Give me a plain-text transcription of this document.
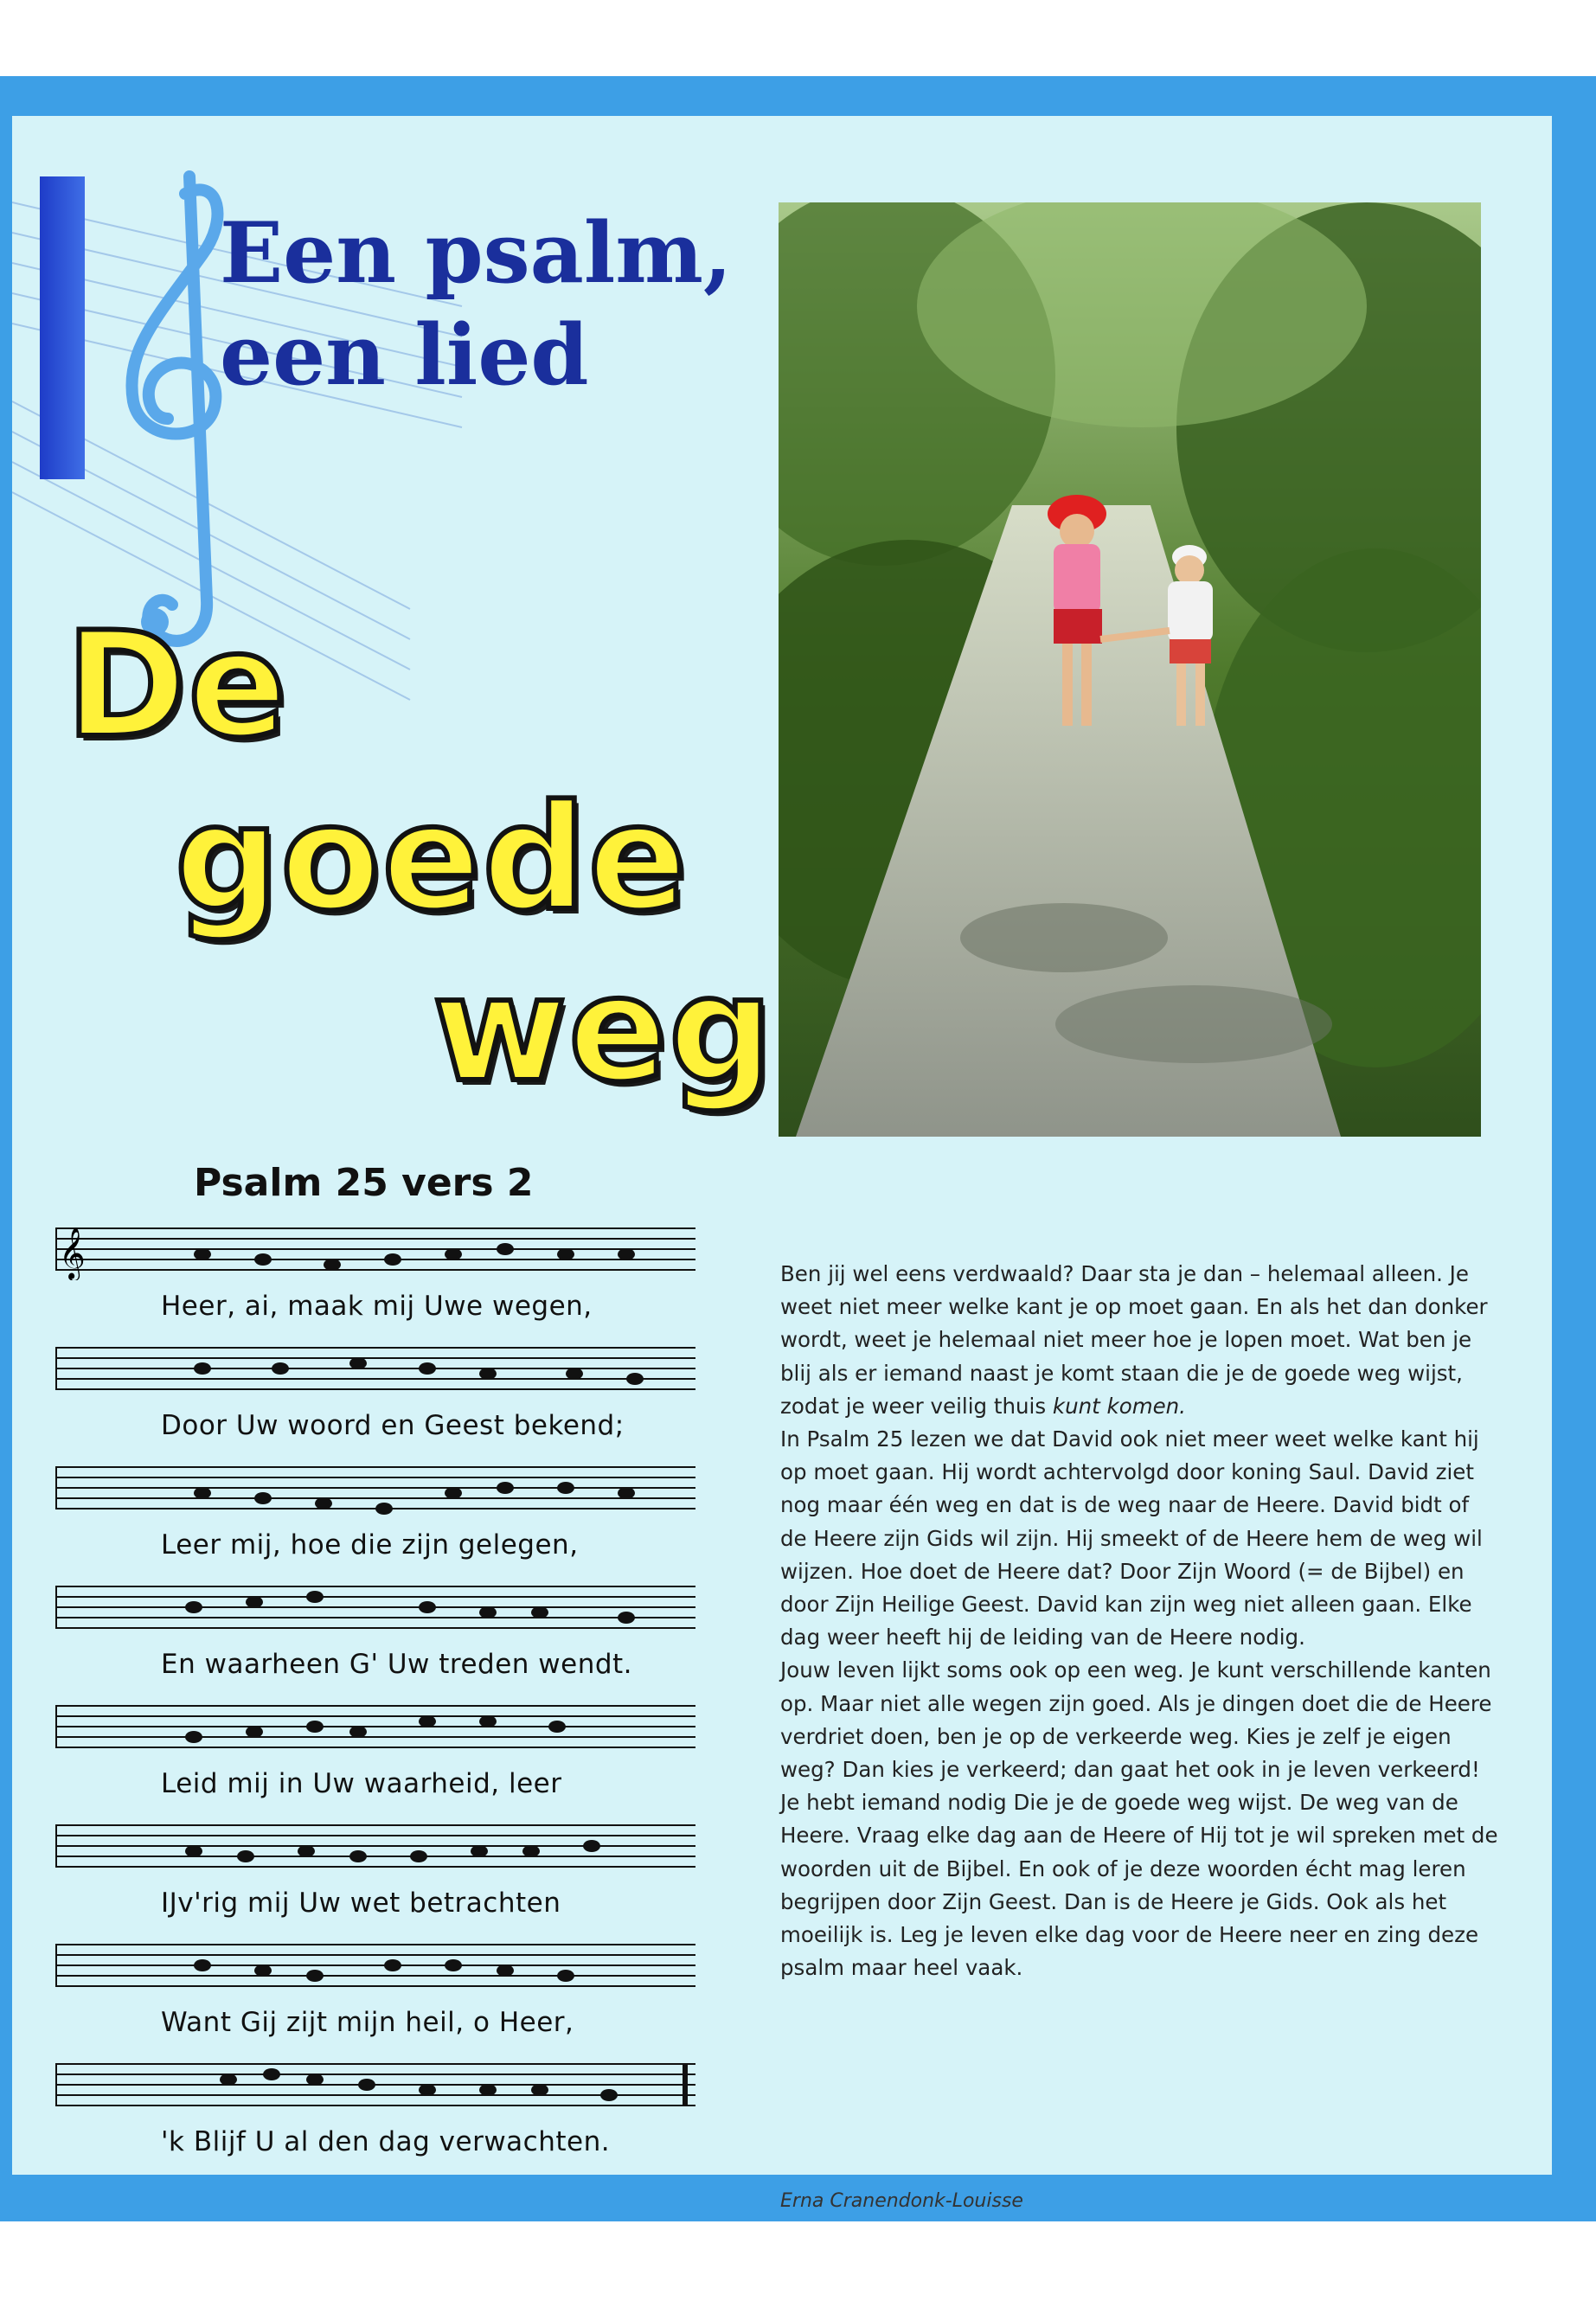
Een psalm,
een lied
De
goede
weg
Psalm 25 vers 2
𝄞
Heer, ai, maak mij Uwe wegen,
Door Uw woord en Geest bekend;
Leer mij, hoe die zijn gelegen,
En waarheen G' Uw treden wendt.
Leid mij in Uw waarheid, leer
IJv'rig mij Uw wet betrachten
Want Gij zijt mijn heil, o Heer,
'k Blijf U al den dag verwachten.

Ben jij wel eens verdwaald? Daar sta je dan – helemaal alleen. Je weet niet meer welke kant je op moet gaan. En als het dan donker wordt, weet je helemaal niet meer hoe je lopen moet. Wat ben je blij als er iemand naast je komt staan die je de goede weg wijst, zodat je weer veilig thuis kunt komen.

In Psalm 25 lezen we dat David ook niet meer weet welke kant hij op moet gaan. Hij wordt achtervolgd door koning Saul. David ziet nog maar één weg en dat is de weg naar de Heere. David bidt of de Heere zijn Gids wil zijn. Hij smeekt of de Heere hem de weg wil wijzen. Hoe doet de Heere dat? Door Zijn Woord (= de Bijbel) en door Zijn Heilige Geest. David kan zijn weg niet alleen gaan. Elke dag weer heeft hij de leiding van de Heere nodig.

Jouw leven lijkt soms ook op een weg. Je kunt verschillende kanten op. Maar niet alle wegen zijn goed. Als je dingen doet die de Heere verdriet doen, ben je op de verkeerde weg. Kies je zelf je eigen weg? Dan kies je verkeerd; dan gaat het ook in je leven verkeerd!

Je hebt iemand nodig Die je de goede weg wijst. De weg van de Heere. Vraag elke dag aan de Heere of Hij tot je wil spreken met de woorden uit de Bijbel. En ook of je deze woorden écht mag leren begrijpen door Zijn Geest. Dan is de Heere je Gids. Ook als het moeilijk is. Leg je leven elke dag voor de Heere neer en zing deze psalm maar heel vaak.

Erna Cranendonk-Louisse
